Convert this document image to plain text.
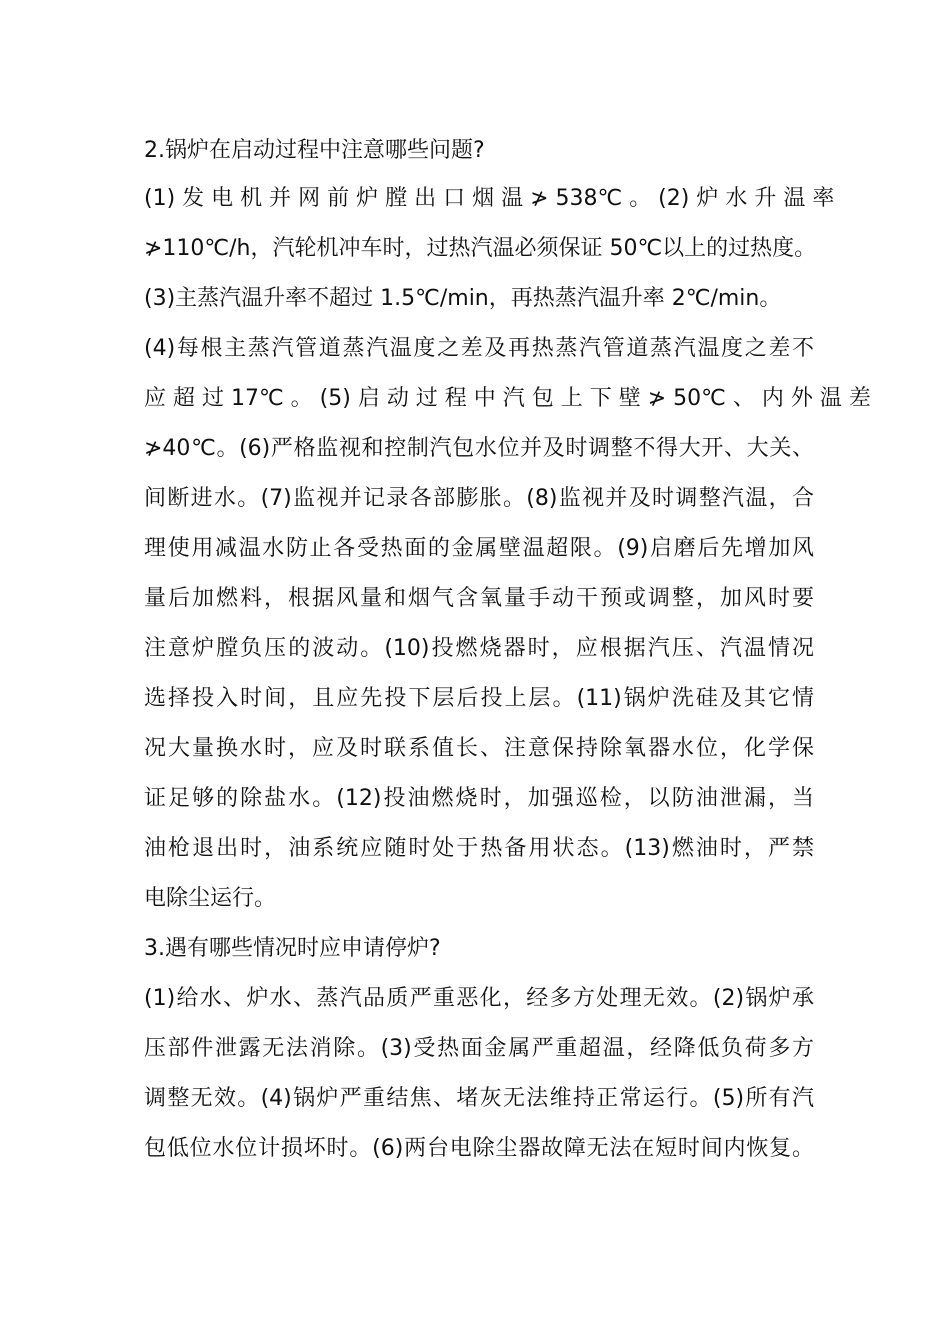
2.锅炉在启动过程中注意哪些问题?
(1) 发 电 机 并 网 前 炉 膛 出 口 烟 温 ≯ 538℃ 。 (2) 炉 水 升 温 率
≯110℃/h，汽轮机冲车时，过热汽温必须保证 50℃以上的过热度。
(3)主蒸汽温升率不超过 1.5℃/min，再热蒸汽温升率 2℃/min。
(4)每根主蒸汽管道蒸汽温度之差及再热蒸汽管道蒸汽温度之差不
应 超 过 17℃ 。 (5) 启 动 过 程 中 汽 包 上 下 壁 ≯ 50℃ 、 内 外 温 差
≯40℃。(6)严格监视和控制汽包水位并及时调整不得大开、大关、
间断进水。(7)监视并记录各部膨胀。(8)监视并及时调整汽温，合
理使用减温水防止各受热面的金属壁温超限。(9)启磨后先增加风
量后加燃料，根据风量和烟气含氧量手动干预或调整，加风时要
注意炉膛负压的波动。(10)投燃烧器时，应根据汽压、汽温情况
选择投入时间，且应先投下层后投上层。(11)锅炉洗硅及其它情
况大量换水时，应及时联系值长、注意保持除氧器水位，化学保
证足够的除盐水。(12)投油燃烧时，加强巡检，以防油泄漏，当
油枪退出时，油系统应随时处于热备用状态。(13)燃油时，严禁
电除尘运行。
3.遇有哪些情况时应申请停炉?
(1)给水、炉水、蒸汽品质严重恶化，经多方处理无效。(2)锅炉承
压部件泄露无法消除。(3)受热面金属严重超温，经降低负荷多方
调整无效。(4)锅炉严重结焦、堵灰无法维持正常运行。(5)所有汽
包低位水位计损坏时。(6)两台电除尘器故障无法在短时间内恢复。
